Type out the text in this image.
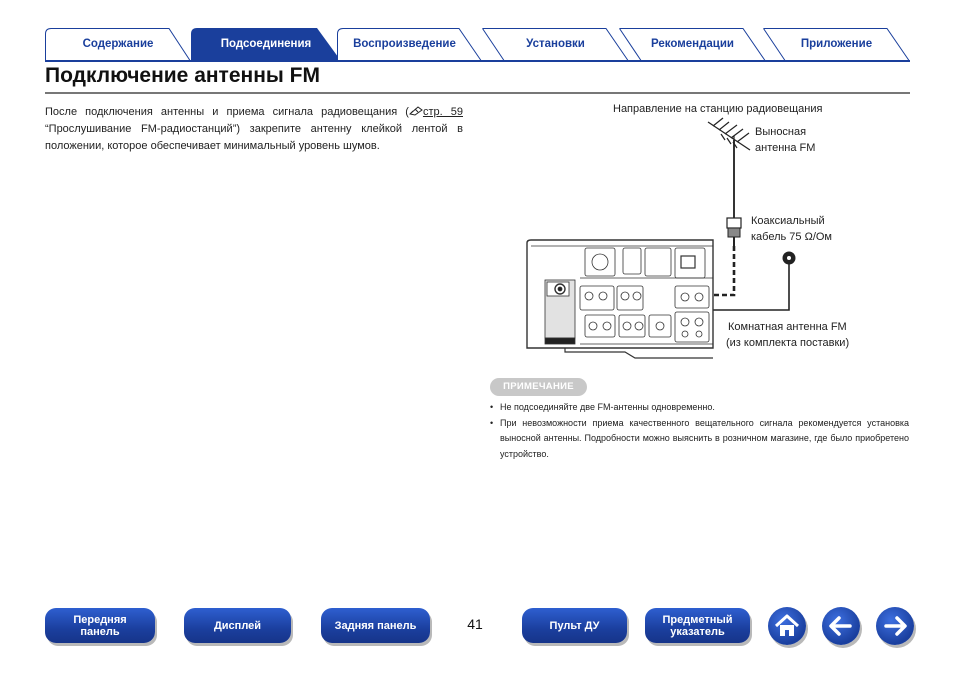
Содержание	Подсоединения	Воспроизведение	Установки	Рекомендации	Приложение
Подключение антенны FM

После подключения антенны и приема сигнала радиовещания ( стр. 59 “Прослушивание FM-радиостанций”) закрепите антенну клейкой лентой в положении, которое обеспечивает минимальный уровень шумов.

Направление на станцию радиовещания
Выносная
антенна FM
Коаксиальный
кабель 75 Ω/Ом
Комнатная антенна FM
(из комплекта поставки)
ПРИМЕЧАНИЕ
• Не подсоединяйте две FM-антенны одновременно.
• При невозможности приема качественного вещательного сигнала рекомендуется установка выносной антенны. Подробности можно выяснить в розничном магазине, где было приобретено устройство.
Передняя
панель	Дисплей	Задняя панель	41	Пульт ДУ	Предметный
указатель
